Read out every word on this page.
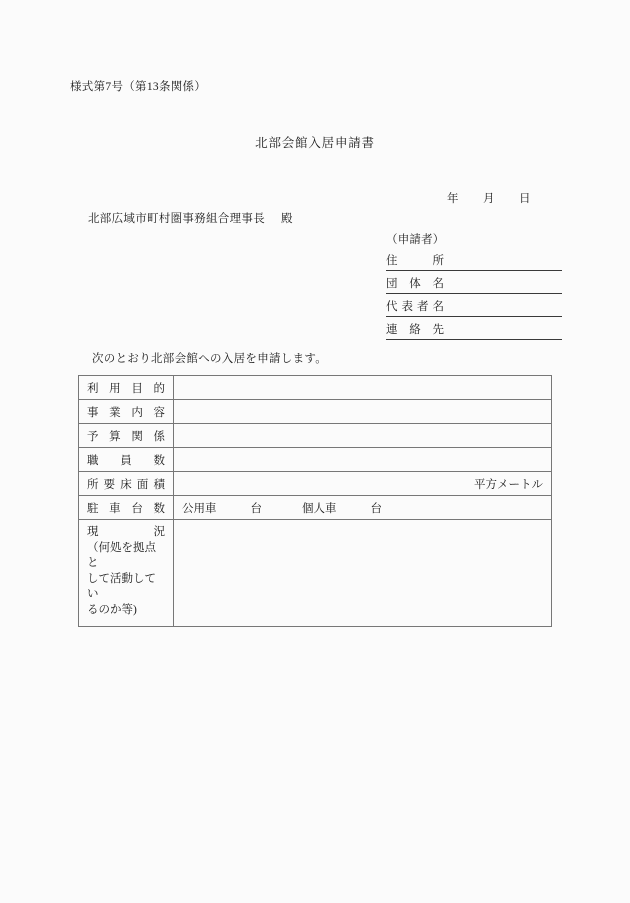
様式第7号（第13条関係）
北部会館入居申請書
年 月 日
北部広域市町村圏事務組合理事長 殿
（申請者）
住　　所
団 体 名
代表者名
連 絡 先
次のとおり北部会館への入居を申請します。
利 用 目 的	

事 業 内 容	

予 算 関 係	

職　 員　 数	

所 要 床 面 積	平方メートル

駐 車 台 数	公用車 台 個人車 台

現　　況
（何処を拠点と
して活動してい
るのか等)	
